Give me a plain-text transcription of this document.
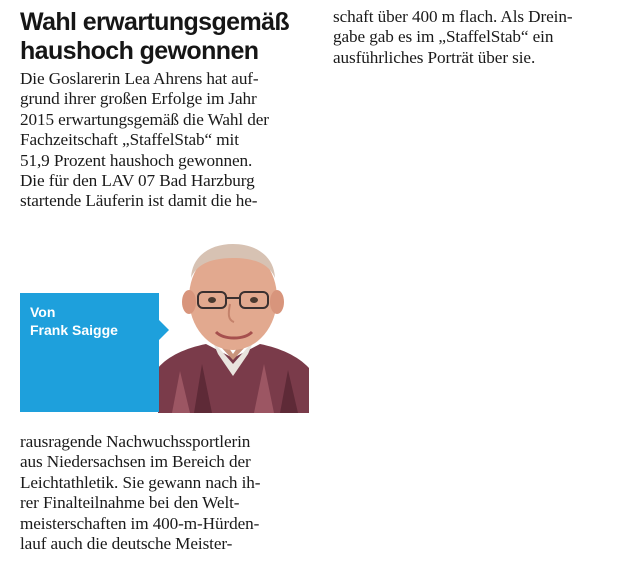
Wahl erwartungsgemäß
haushoch gewonnen
Die Goslarerin Lea Ahrens hat auf-
grund ihrer großen Erfolge im Jahr
2015 erwartungsgemäß die Wahl der
Fachzeitschaft „StaffelStab“ mit
51,9 Prozent haushoch gewonnen.
Die für den LAV 07 Bad Harzburg
startende Läuferin ist damit die he-
Von
Frank Saigge
rausragende Nachwuchssportlerin
aus Niedersachsen im Bereich der
Leichtathletik. Sie gewann nach ih-
rer Finalteilnahme bei den Welt-
meisterschaften im 400-m-Hürden-
lauf auch die deutsche Meister-
schaft über 400 m flach. Als Drein-
gabe gab es im „StaffelStab“ ein
ausführliches Porträt über sie.
